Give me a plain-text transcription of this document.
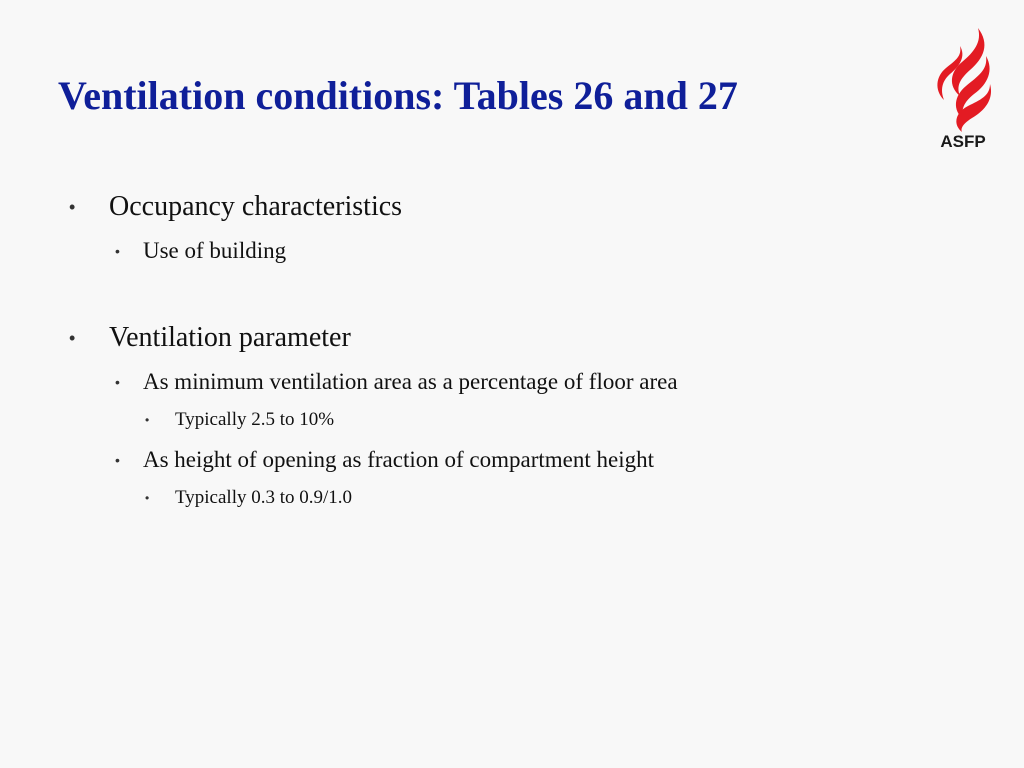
Ventilation conditions: Tables 26 and 27
ASFP
• Occupancy characteristics
• Use of building
• Ventilation parameter
• As minimum ventilation area as a percentage of floor area
• Typically 2.5 to 10%
• As height of opening as fraction of compartment height
• Typically 0.3 to 0.9/1.0
